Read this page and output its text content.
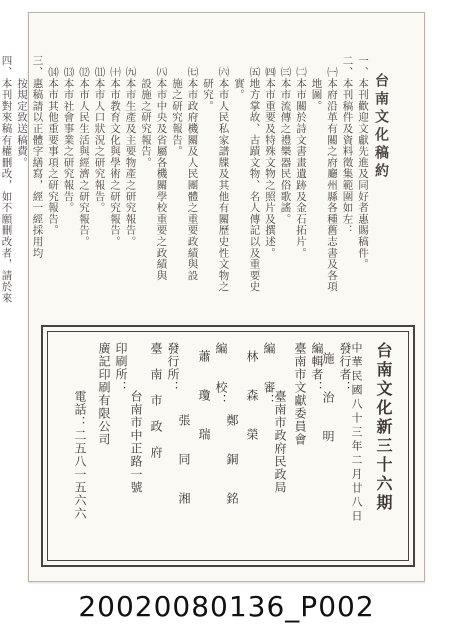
台南文化稿約
一、本刊歡迎文獻先進及同好者惠賜稿件。
二、本刊稿件及資料徵集範圍如左：
　㈠本府沿革有關之府廳州縣各種舊志書及各項
　　地圖。
　㈡本市關於詩文書畫遺跡及金石拓片。
　㈢本市流傳之禮樂器民俗歌謠。
　㈣本市重要及特殊文物之照片及撰述。
　㈤地方掌故、古蹟文物、名人傳記以及重要史
　　實。
　㈥本市人民私家譜牒及其他有關歷史性文物之
　　研究。
　㈦本市政府機關及人民團體之重要政績與設
　　施之研究報告。
　㈧本市中央及省屬各機關學校重要之政績與
　　設施之研究報告。
　㈨本市生產及主要物產之研究報告。
　㈩本市教育文化與學術之研究報告。
　⑾本市人口狀況之研究報告。
　⑿本市人民生活與經濟之研究報告。
　⒀本市社會事業之研究報告。
　⒁本市其他重要事項之研究報告。
三、惠稿請以正體字繕寫，經一經採用均
　　按規定致送稿費。
四、本刊對來稿有權刪改，如不願刪改者，請於來
台南文化新三十六期
中華民國八十三年二月廿八日
發行者：
施　　治　　明
編輯者：
臺南市文獻委員會
臺南市政府民政局
編　　審：
林　　森　　榮
鄭　　銅　　銘
編　　校：
蕭　　瓊　　瑞
張　　同　　湘
發行所：
臺　南　市　政　府
台南市中正路一號
印刷所：
廣記印刷有限公司
電話：二五八一五六六
20020080136_P002
